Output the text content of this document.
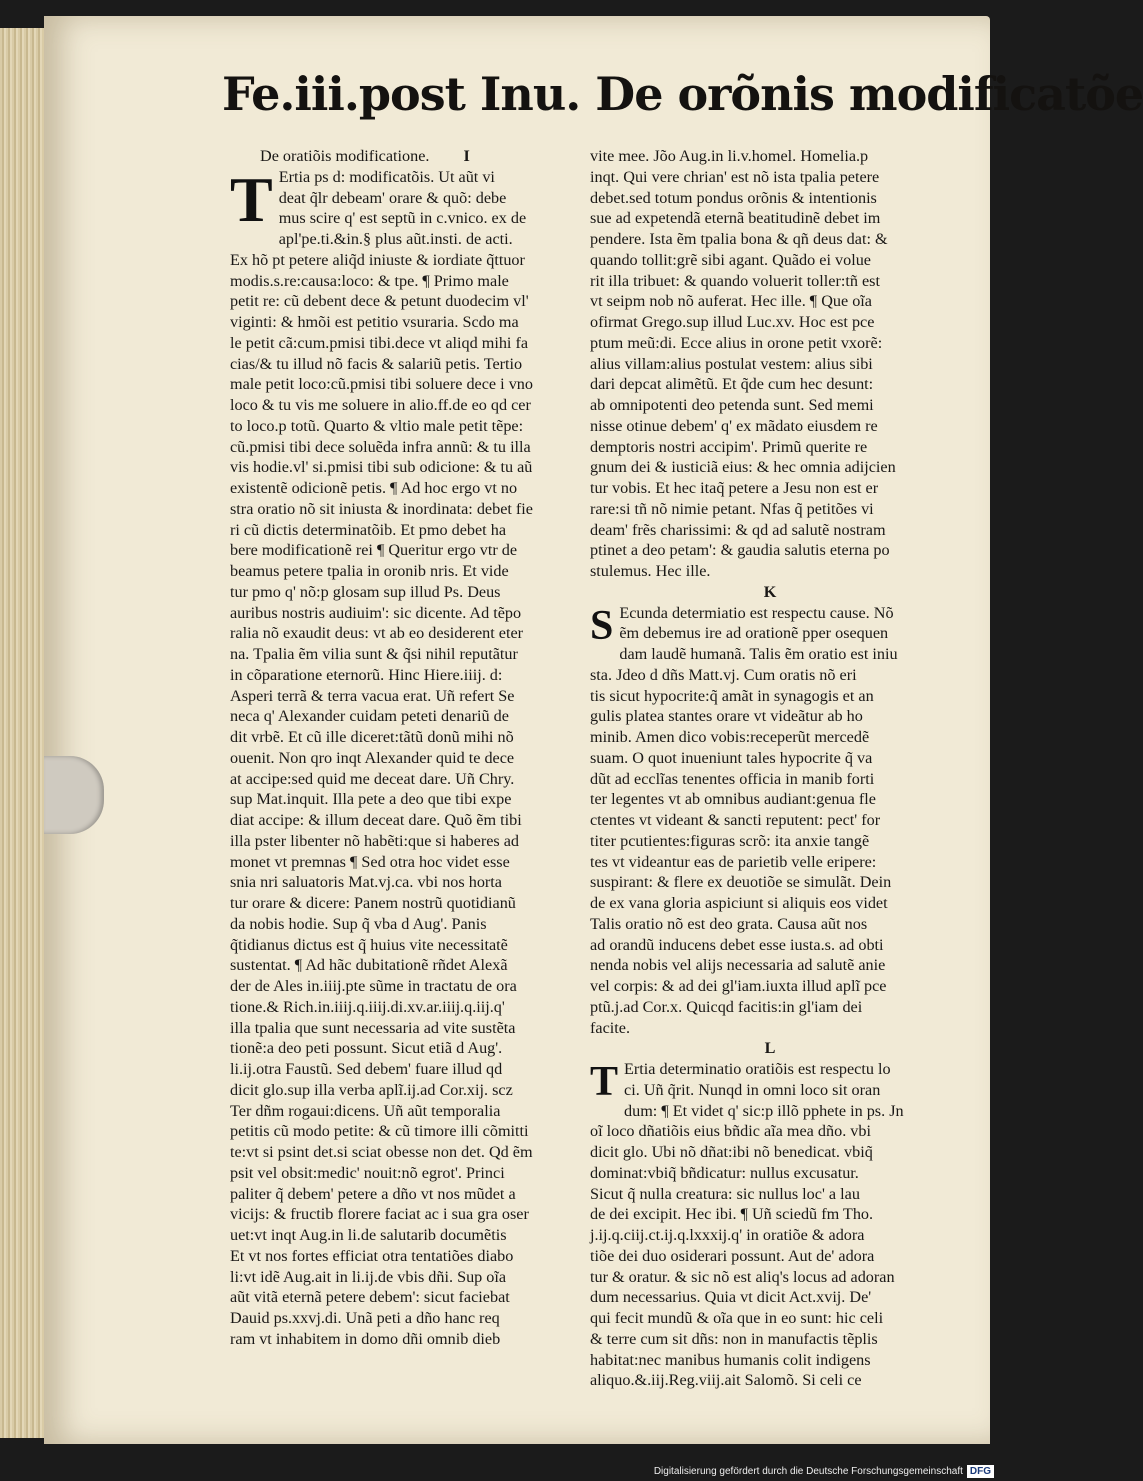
Fe.iii.post Inu. De orõnis modificatõe
De oratiõis modificatione. I
T Ertia ps d: modificatõis. Ut aũt vi
deat q̃lr debeam' orare & quõ: debe
mus scire q' est septũ in c.vnico. ex de
apl'pe.ti.&in.§ plus aũt.insti. de acti.
Ex hõ pt petere aliq̃d iniuste & iordiate q̃ttuor
modis.s.re:causa:loco: & tpe. ¶ Primo male
petit re: cũ debent dece & petunt duodecim vl'
viginti: & hmõi est petitio vsuraria. Scdo ma
le petit cã:cum.pmisi tibi.dece vt aliqd mihi fa
cias/& tu illud nõ facis & salariũ petis. Tertio
male petit loco:cũ.pmisi tibi soluere dece i vno
loco & tu vis me soluere in alio.ff.de eo qd cer
to loco.p totũ. Quarto & vltio male petit tẽpe:
cũ.pmisi tibi dece soluẽda infra annũ: & tu illa
vis hodie.vl' si.pmisi tibi sub odicione: & tu aũ
existentẽ odicionẽ petis. ¶ Ad hoc ergo vt no
stra oratio nõ sit iniusta & inordinata: debet fie
ri cũ dictis determinatõib. Et pmo debet ha
bere modificationẽ rei ¶ Queritur ergo vtr de
beamus petere tpalia in oronib nris. Et vide
tur pmo q' nõ:p glosam sup illud Ps. Deus
auribus nostris audiuim': sic dicente. Ad tẽpo
ralia nõ exaudit deus: vt ab eo desiderent eter
na. Tpalia ẽm vilia sunt & q̃si nihil reputãtur
in cõparatione eternorũ. Hinc Hiere.iiij. d:
Asperi terrã & terra vacua erat. Uñ refert Se
neca q' Alexander cuidam peteti denariũ de
dit vrbẽ. Et cũ ille diceret:tãtũ donũ mihi nõ
ouenit. Non qro inqt Alexander quid te dece
at accipe:sed quid me deceat dare. Uñ Chry.
sup Mat.inquit. Illa pete a deo que tibi expe
diat accipe: & illum deceat dare. Quõ ẽm tibi
illa pster libenter nõ habẽti:que si haberes ad
monet vt premnas ¶ Sed otra hoc videt esse
snia nri saluatoris Mat.vj.ca. vbi nos horta
tur orare & dicere: Panem nostrũ quotidianũ
da nobis hodie. Sup q̃ vba d Aug'. Panis
q̃tidianus dictus est q̃ huius vite necessitatẽ
sustentat. ¶ Ad hãc dubitationẽ rñdet Alexã
der de Ales in.iiij.pte sũme in tractatu de ora
tione.& Rich.in.iiij.q.iiij.di.xv.ar.iiij.q.iij.q'
illa tpalia que sunt necessaria ad vite sustẽta
tionẽ:a deo peti possunt. Sicut etiã d Aug'.
li.ij.otra Faustũ. Sed debem' fuare illud qd
dicit glo.sup illa verba aplĩ.ij.ad Cor.xij. scz
Ter dñm rogaui:dicens. Uñ aũt temporalia
petitis cũ modo petite: & cũ timore illi cõmitti
te:vt si psint det.si sciat obesse non det. Qd ẽm
psit vel obsit:medic' nouit:nõ egrot'. Princi
paliter q̃ debem' petere a dño vt nos mũdet a
vicijs: & fructib florere faciat ac i sua gra oser
uet:vt inqt Aug.in li.de salutarib documẽtis
Et vt nos fortes efficiat otra tentatiões diabo
li:vt idẽ Aug.ait in li.ij.de vbis dñi. Sup oĩa
aũt vitã eternã petere debem': sicut faciebat
Dauid ps.xxvj.di. Unã peti a dño hanc req
ram vt inhabitem in domo dñi omnib dieb
vite mee. Jõo Aug.in li.v.homel. Homelia.p
inqt. Qui vere chrian' est nõ ista tpalia petere
debet.sed totum pondus orõnis & intentionis
sue ad expetendã eternã beatitudinẽ debet im
pendere. Ista ẽm tpalia bona & qñ deus dat: &
quando tollit:grẽ sibi agant. Quãdo ei volue
rit illa tribuet: & quando voluerit toller:tñ est
vt seipm nob nõ auferat. Hec ille. ¶ Que oĩa
ofirmat Grego.sup illud Luc.xv. Hoc est pce
ptum meũ:di. Ecce alius in orone petit vxorẽ:
alius villam:alius postulat vestem: alius sibi
dari depcat alimẽtũ. Et q̃de cum hec desunt:
ab omnipotenti deo petenda sunt. Sed memi
nisse otinue debem' q' ex mãdato eiusdem re
demptoris nostri accipim'. Primũ querite re
gnum dei & iusticiã eius: & hec omnia adijcien
tur vobis. Et hec itaq̃ petere a Jesu non est er
rare:si tñ nõ nimie petant. Nfas q̃ petitões vi
deam' frẽs charissimi: & qd ad salutẽ nostram
ptinet a deo petam': & gaudia salutis eterna po
stulemus. Hec ille.
K
S Ecunda determiatio est respectu cause. Nõ
ẽm debemus ire ad orationẽ pper osequen
dam laudẽ humanã. Talis ẽm oratio est iniu
sta. Jdeo d dñs Matt.vj. Cum oratis nõ eri
tis sicut hypocrite:q̃ amãt in synagogis et an
gulis platea stantes orare vt videãtur ab ho
minib. Amen dico vobis:receperũt mercedẽ
suam. O quot inueniunt tales hypocrite q̃ va
dũt ad ecclĩas tenentes officia in manib forti
ter legentes vt ab omnibus audiant:genua fle
ctentes vt videant & sancti reputent: pect' for
titer pcutientes:figuras scrõ: ita anxie tangẽ
tes vt videantur eas de parietib velle eripere:
suspirant: & flere ex deuotiõe se simulãt. Dein
de ex vana gloria aspiciunt si aliquis eos videt
Talis oratio nõ est deo grata. Causa aũt nos
ad orandũ inducens debet esse iusta.s. ad obti
nenda nobis vel alijs necessaria ad salutẽ anie
vel corpis: & ad dei gl'iam.iuxta illud aplĩ pce
ptũ.j.ad Cor.x. Quicqd facitis:in gl'iam dei
facite.
L
T Ertia determinatio oratiõis est respectu lo
ci. Uñ q̃rit. Nunqd in omni loco sit oran
dum: ¶ Et videt q' sic:p illõ pphete in ps. Jn
oĩ loco dñatiõis eius bñdic aĩa mea dño. vbi
dicit glo. Ubi nõ dñat:ibi nõ benedicat. vbiq̃
dominat:vbiq̃ bñdicatur: nullus excusatur.
Sicut q̃ nulla creatura: sic nullus loc' a lau
de dei excipit. Hec ibi. ¶ Uñ sciedũ fm Tho.
j.ij.q.ciij.ct.ij.q.lxxxij.q' in oratiõe & adora
tiõe dei duo osiderari possunt. Aut de' adora
tur & oratur. & sic nõ est aliq's locus ad adoran
dum necessarius. Quia vt dicit Act.xvij. De'
qui fecit mundũ & oĩa que in eo sunt: hic celi
& terre cum sit dñs: non in manufactis tẽplis
habitat:nec manibus humanis colit indigens
aliquo.&.iij.Reg.viij.ait Salomõ. Si celi ce
Digitalisierung gefördert durch die Deutsche Forschungsgemeinschaft DFG
